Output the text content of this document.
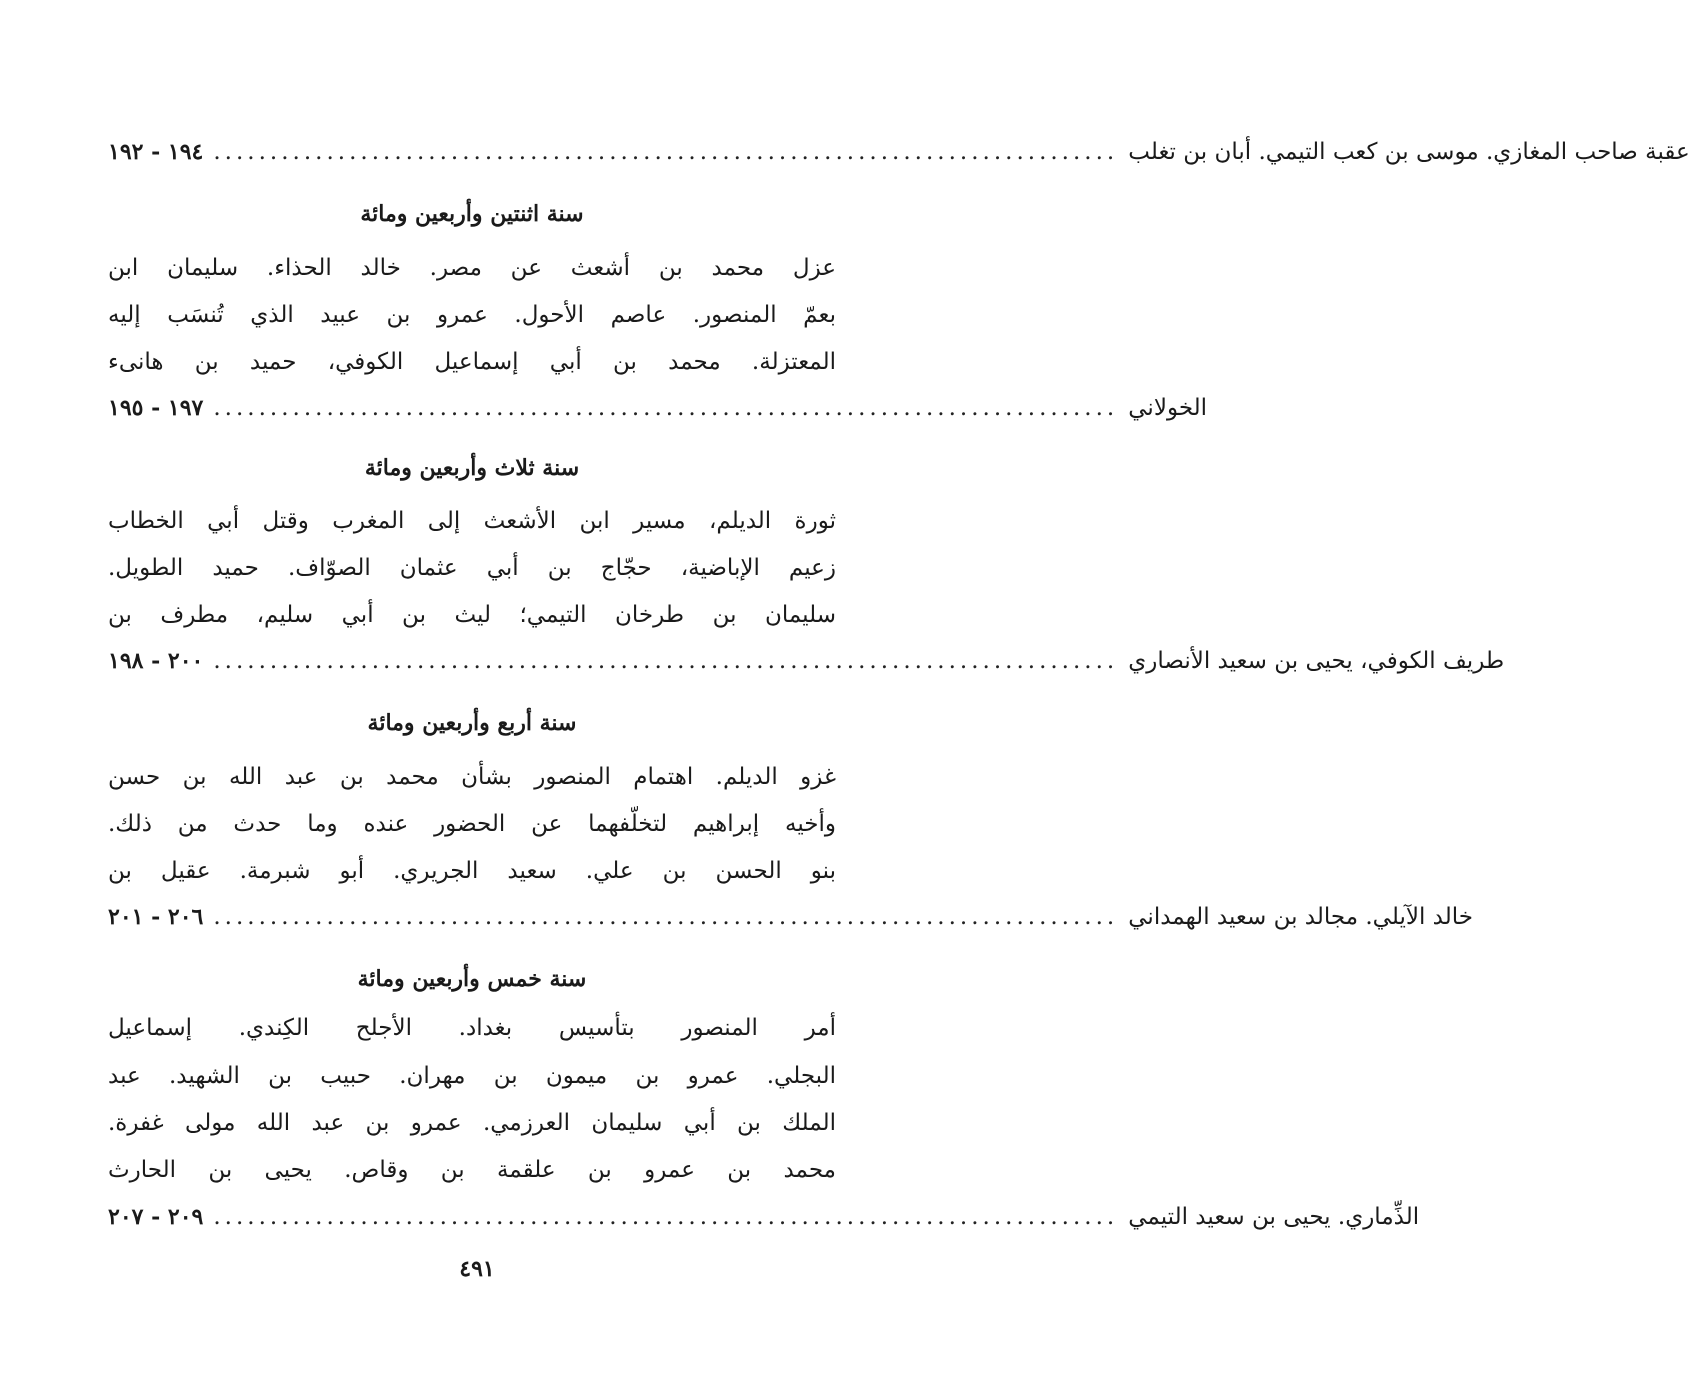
عقبة صاحب المغازي. موسى بن كعب التيمي. أبان بن تغلب
................................................................................
١٩٤ - ١٩٢
سنة اثنتين وأربعين ومائة
عزل محمد بن أشعث عن مصر. خالد الحذاء. سليمان ابن
بعمّ المنصور. عاصم الأحول. عمرو بن عبيد الذي تُنسَب إليه
المعتزلة. محمد بن أبي إسماعيل الكوفي، حميد بن هانىء
الخولاني
................................................................................
١٩٧ - ١٩٥
سنة ثلاث وأربعين ومائة
ثورة الديلم، مسير ابن الأشعث إلى المغرب وقتل أبي الخطاب
زعيم الإباضية، حجّاج بن أبي عثمان الصوّاف. حميد الطويل.
سليمان بن طرخان التيمي؛ ليث بن أبي سليم، مطرف بن
طريف الكوفي، يحيى بن سعيد الأنصاري
................................................................................
٢٠٠ - ١٩٨
سنة أربع وأربعين ومائة
غزو الديلم. اهتمام المنصور بشأن محمد بن عبد الله بن حسن
وأخيه إبراهيم لتخلّفهما عن الحضور عنده وما حدث من ذلك.
بنو الحسن بن علي. سعيد الجريري. أبو شبرمة. عقيل بن
خالد الآيلي. مجالد بن سعيد الهمداني
................................................................................
٢٠٦ - ٢٠١
سنة خمس وأربعين ومائة
أمر المنصور بتأسيس بغداد. الأجلح الكِندي. إسماعيل
البجلي. عمرو بن ميمون بن مهران. حبيب بن الشهيد. عبد
الملك بن أبي سليمان العرزمي. عمرو بن عبد الله مولى غفرة.
محمد بن عمرو بن علقمة بن وقاص. يحيى بن الحارث
الذِّماري. يحيى بن سعيد التيمي
................................................................................
٢٠٩ - ٢٠٧
٤٩١
